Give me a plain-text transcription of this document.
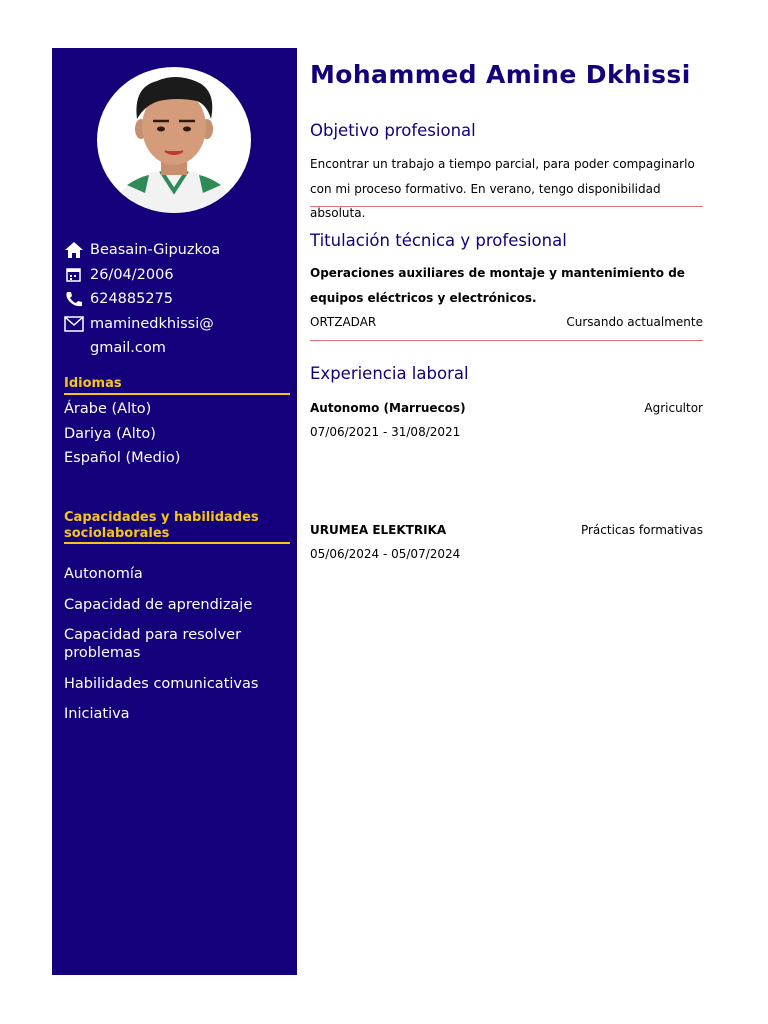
Beasain-Gipuzkoa
26/04/2006
624885275
maminedkhissi@
gmail.com
Idiomas
Árabe (Alto)
Dariya (Alto)
Español (Medio)
Capacidades y habilidades
sociolaborales
Autonomía
Capacidad de aprendizaje
Capacidad para resolver problemas
Habilidades comunicativas
Iniciativa
Mohammed Amine Dkhissi
Objetivo profesional
Encontrar un trabajo a tiempo parcial, para poder compaginarlo con mi proceso formativo. En verano, tengo disponibilidad absoluta.
Titulación técnica y profesional
Operaciones auxiliares de montaje y mantenimiento de equipos eléctricos y electrónicos.
ORTZADAR	Cursando actualmente
Experiencia laboral
Autonomo (Marruecos)	Agricultor
07/06/2021 - 31/08/2021
URUMEA ELEKTRIKA	Prácticas formativas
05/06/2024 - 05/07/2024
